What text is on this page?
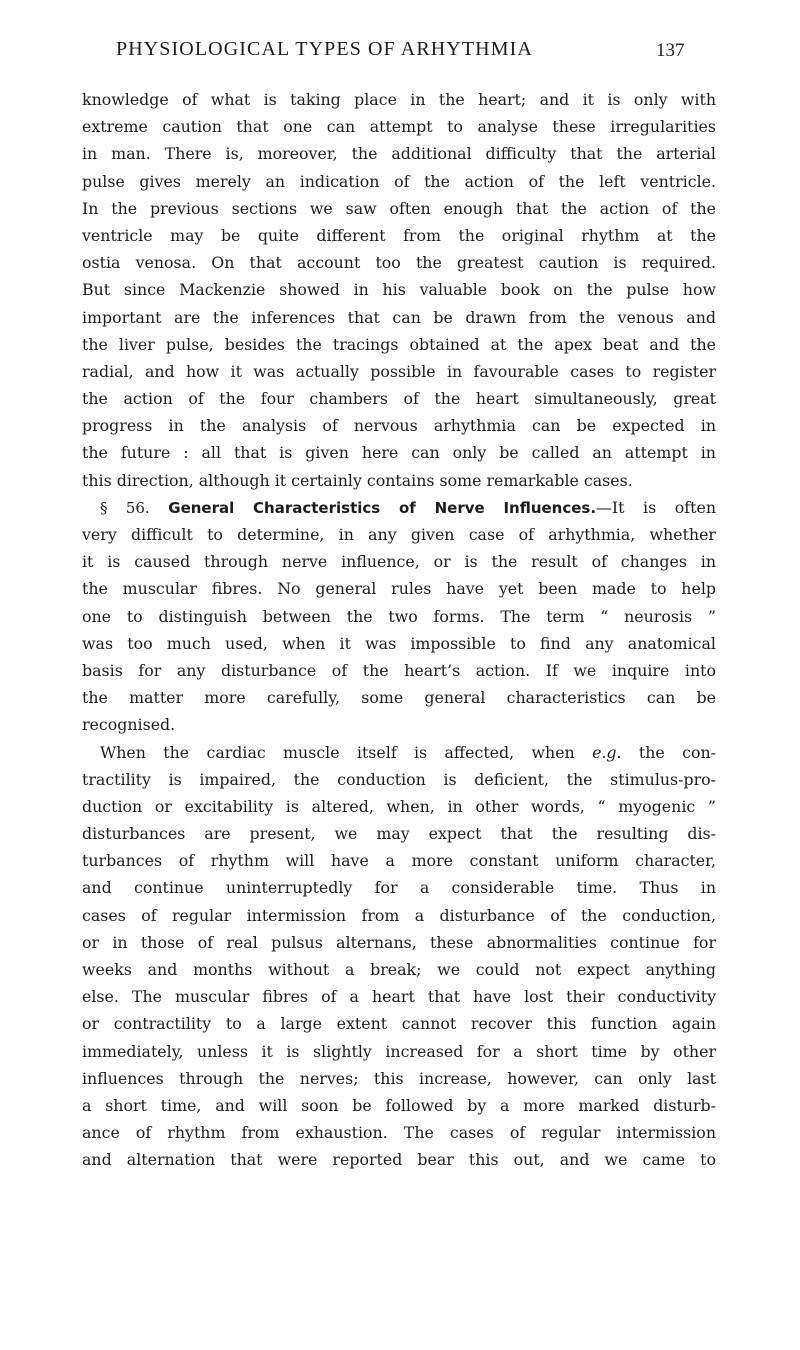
PHYSIOLOGICAL TYPES OF ARHYTHMIA	137
knowledge of what is taking place in the heart; and it is only with
extreme caution that one can attempt to analyse these irregularities
in man. There is, moreover, the additional difficulty that the arterial
pulse gives merely an indication of the action of the left ventricle.
In the previous sections we saw often enough that the action of the
ventricle may be quite different from the original rhythm at the
ostia venosa. On that account too the greatest caution is required.
But since Mackenzie showed in his valuable book on the pulse how
important are the inferences that can be drawn from the venous and
the liver pulse, besides the tracings obtained at the apex beat and the
radial, and how it was actually possible in favourable cases to register
the action of the four chambers of the heart simultaneously, great
progress in the analysis of nervous arhythmia can be expected in
the future : all that is given here can only be called an attempt in
this direction, although it certainly contains some remarkable cases.
§ 56. General Characteristics of Nerve Influences.—It is often
very difficult to determine, in any given case of arhythmia, whether
it is caused through nerve influence, or is the result of changes in
the muscular fibres. No general rules have yet been made to help
one to distinguish between the two forms. The term “ neurosis ”
was too much used, when it was impossible to find any anatomical
basis for any disturbance of the heart’s action. If we inquire into
the matter more carefully, some general characteristics can be
recognised.
When the cardiac muscle itself is affected, when e.g. the con-
tractility is impaired, the conduction is deficient, the stimulus-pro-
duction or excitability is altered, when, in other words, “ myogenic ”
disturbances are present, we may expect that the resulting dis-
turbances of rhythm will have a more constant uniform character,
and continue uninterruptedly for a considerable time. Thus in
cases of regular intermission from a disturbance of the conduction,
or in those of real pulsus alternans, these abnormalities continue for
weeks and months without a break; we could not expect anything
else. The muscular fibres of a heart that have lost their conductivity
or contractility to a large extent cannot recover this function again
immediately, unless it is slightly increased for a short time by other
influences through the nerves; this increase, however, can only last
a short time, and will soon be followed by a more marked disturb-
ance of rhythm from exhaustion. The cases of regular intermission
and alternation that were reported bear this out, and we came to
